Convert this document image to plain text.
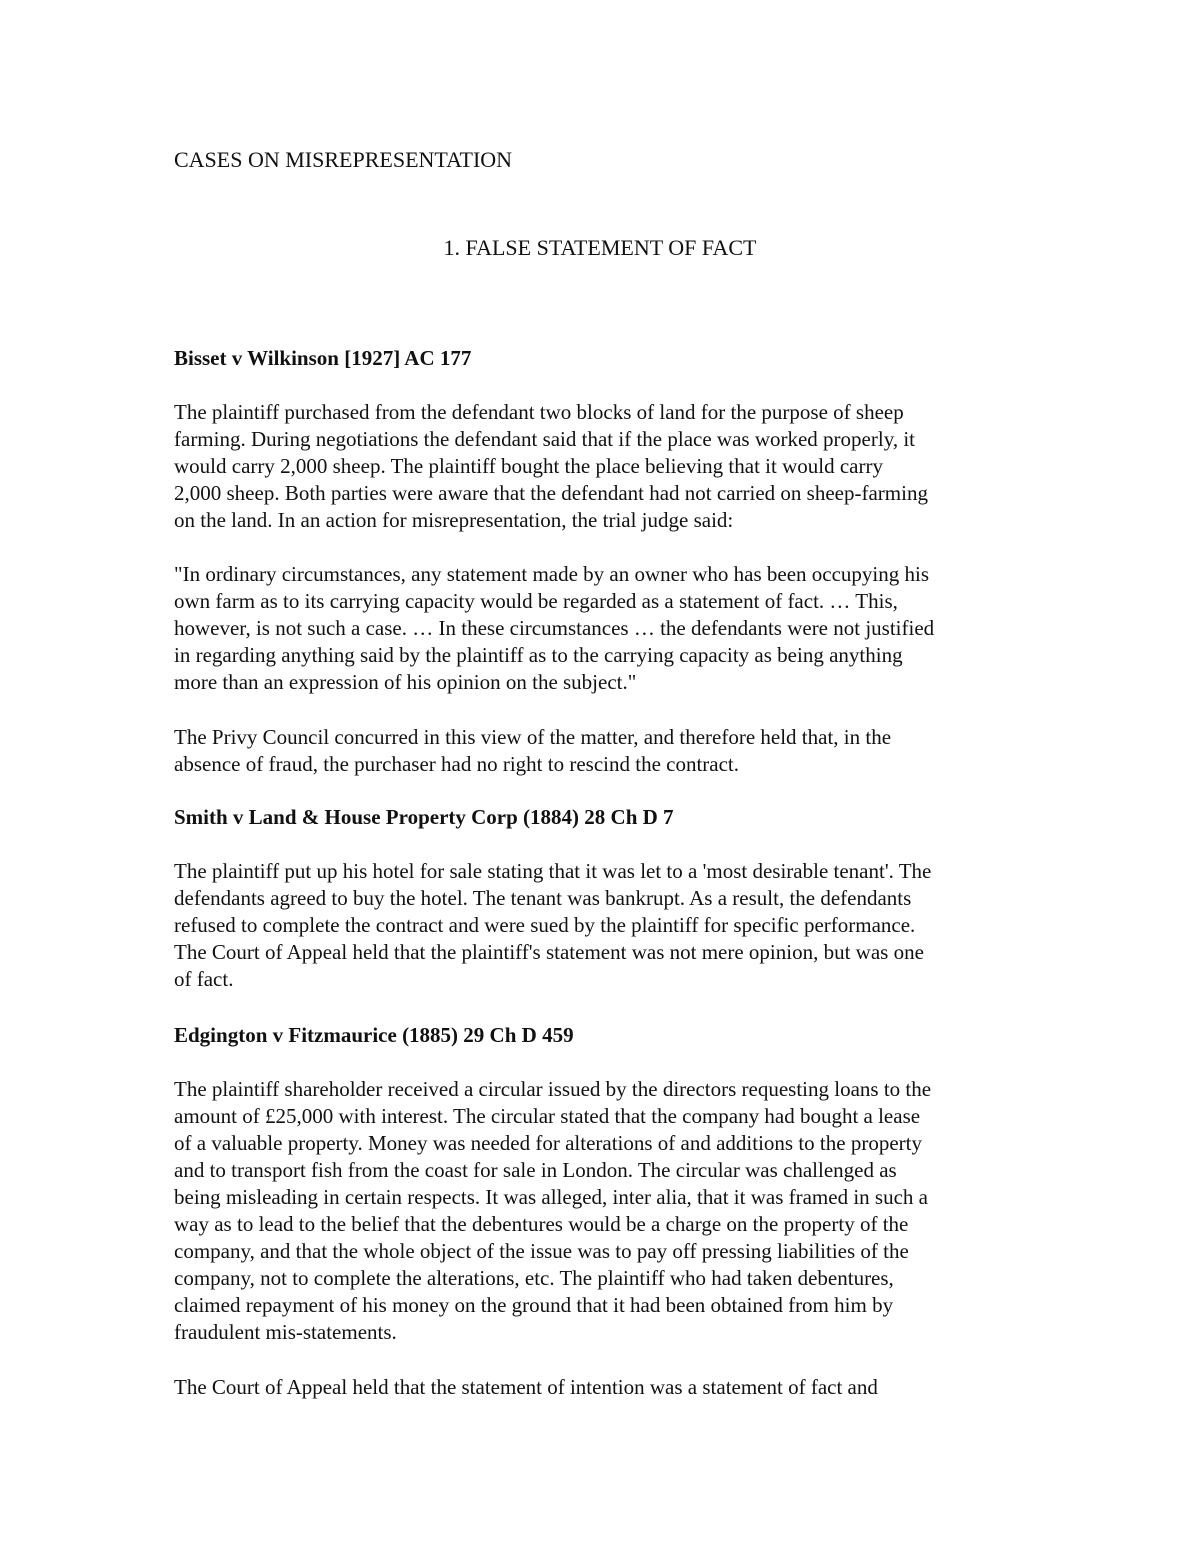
CASES ON MISREPRESENTATION
1. FALSE STATEMENT OF FACT

Bisset v Wilkinson [1927] AC 177

The plaintiff purchased from the defendant two blocks of land for the purpose of sheep

farming. During negotiations the defendant said that if the place was worked properly, it

would carry 2,000 sheep. The plaintiff bought the place believing that it would carry

2,000 sheep. Both parties were aware that the defendant had not carried on sheep-farming

on the land. In an action for misrepresentation, the trial judge said:

"In ordinary circumstances, any statement made by an owner who has been occupying his

own farm as to its carrying capacity would be regarded as a statement of fact. … This,

however, is not such a case. … In these circumstances … the defendants were not justified

in regarding anything said by the plaintiff as to the carrying capacity as being anything

more than an expression of his opinion on the subject."

The Privy Council concurred in this view of the matter, and therefore held that, in the

absence of fraud, the purchaser had no right to rescind the contract.

Smith v Land & House Property Corp (1884) 28 Ch D 7

The plaintiff put up his hotel for sale stating that it was let to a 'most desirable tenant'. The

defendants agreed to buy the hotel. The tenant was bankrupt. As a result, the defendants

refused to complete the contract and were sued by the plaintiff for specific performance.

The Court of Appeal held that the plaintiff's statement was not mere opinion, but was one

of fact.

Edgington v Fitzmaurice (1885) 29 Ch D 459

The plaintiff shareholder received a circular issued by the directors requesting loans to the

amount of £25,000 with interest. The circular stated that the company had bought a lease

of a valuable property. Money was needed for alterations of and additions to the property

and to transport fish from the coast for sale in London. The circular was challenged as

being misleading in certain respects. It was alleged, inter alia, that it was framed in such a

way as to lead to the belief that the debentures would be a charge on the property of the

company, and that the whole object of the issue was to pay off pressing liabilities of the

company, not to complete the alterations, etc. The plaintiff who had taken debentures,

claimed repayment of his money on the ground that it had been obtained from him by

fraudulent mis-statements.

The Court of Appeal held that the statement of intention was a statement of fact and
